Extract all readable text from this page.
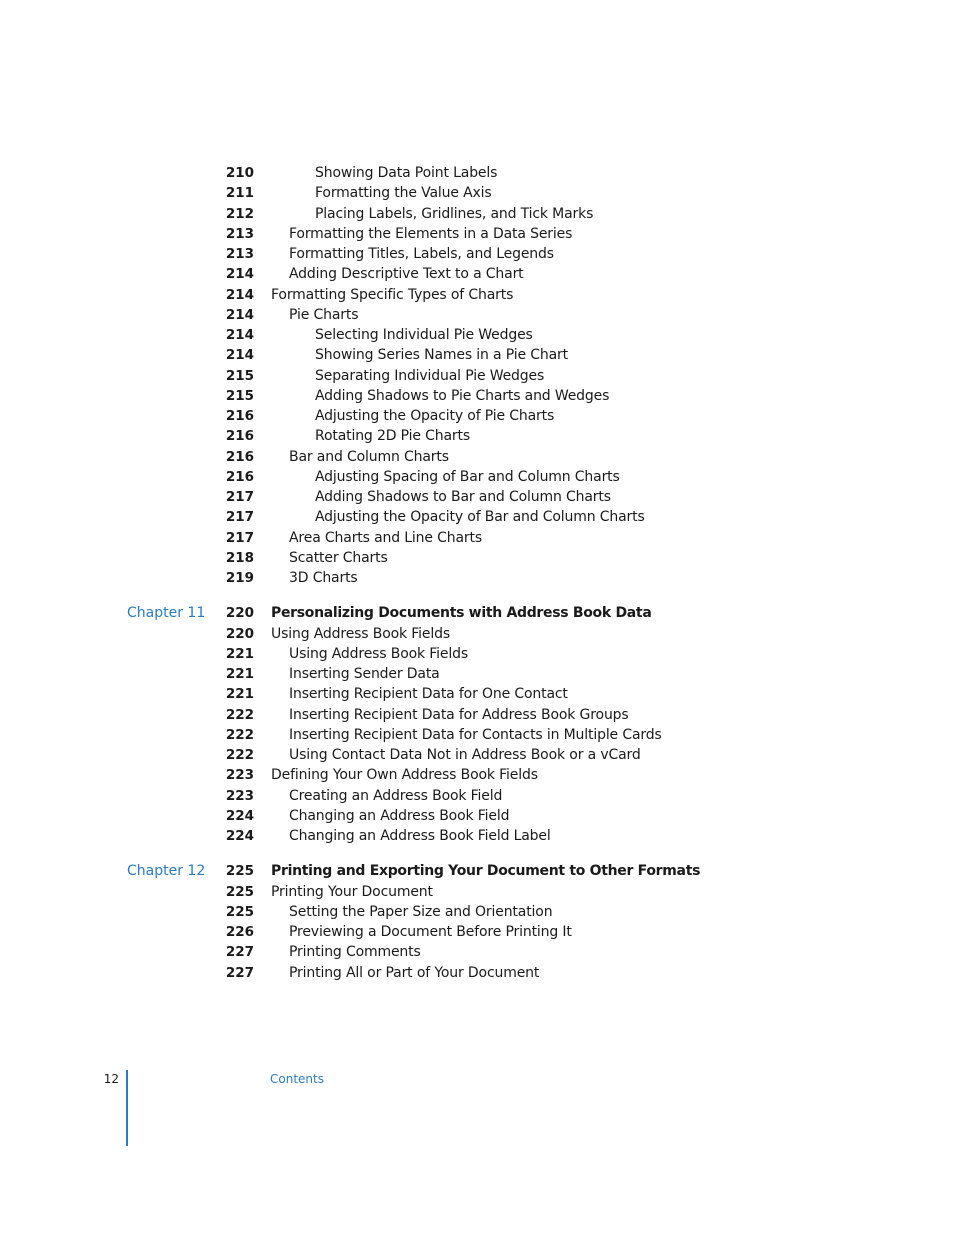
210	Showing Data Point Labels
211	Formatting the Value Axis
212	Placing Labels, Gridlines, and Tick Marks
213	Formatting the Elements in a Data Series
213	Formatting Titles, Labels, and Legends
214	Adding Descriptive Text to a Chart
214 Formatting Specific Types of Charts
214	Pie Charts
214	Selecting Individual Pie Wedges
214	Showing Series Names in a Pie Chart
215	Separating Individual Pie Wedges
215	Adding Shadows to Pie Charts and Wedges
216	Adjusting the Opacity of Pie Charts
216	Rotating 2D Pie Charts
216	Bar and Column Charts
216	Adjusting Spacing of Bar and Column Charts
217	Adding Shadows to Bar and Column Charts
217	Adjusting the Opacity of Bar and Column Charts
217	Area Charts and Line Charts
218	Scatter Charts
219	3D Charts
Chapter 11	220 Personalizing Documents with Address Book Data
220 Using Address Book Fields
221	Using Address Book Fields
221	Inserting Sender Data
221	Inserting Recipient Data for One Contact
222	Inserting Recipient Data for Address Book Groups
222	Inserting Recipient Data for Contacts in Multiple Cards
222	Using Contact Data Not in Address Book or a vCard
223 Defining Your Own Address Book Fields
223	Creating an Address Book Field
224	Changing an Address Book Field
224	Changing an Address Book Field Label
Chapter 12	225 Printing and Exporting Your Document to Other Formats
225 Printing Your Document
225	Setting the Paper Size and Orientation
226	Previewing a Document Before Printing It
227	Printing Comments
227	Printing All or Part of Your Document
12	Contents
